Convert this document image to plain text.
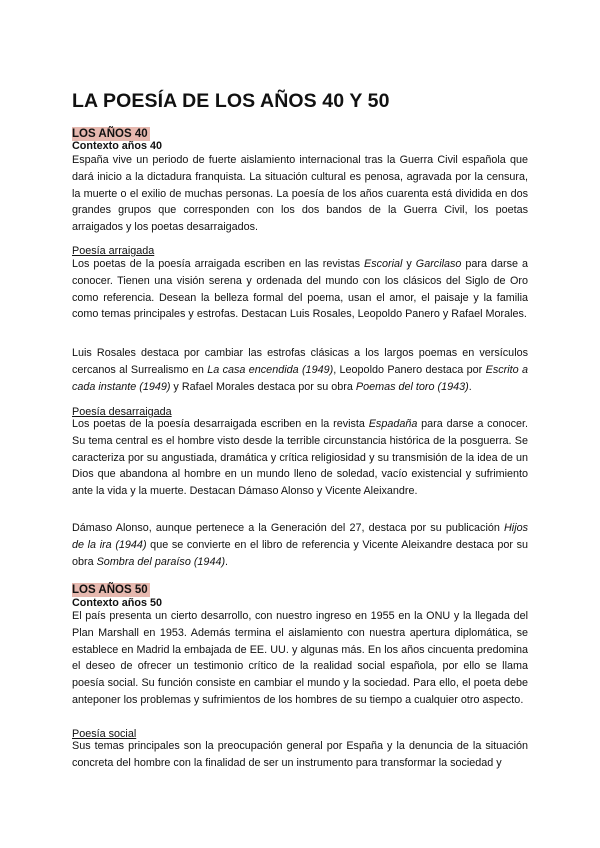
LA POESÍA DE LOS AÑOS 40 Y 50
LOS AÑOS 40
Contexto años 40

España vive un periodo de fuerte aislamiento internacional tras la Guerra Civil española que dará inicio a la dictadura franquista. La situación cultural es penosa, agravada por la censura, la muerte o el exilio de muchas personas. La poesía de los años cuarenta está dividida en dos grandes grupos que corresponden con los dos bandos de la Guerra Civil, los poetas arraigados y los poetas desarraigados.

Poesía arraigada

Los poetas de la poesía arraigada escriben en las revistas Escorial y Garcilaso para darse a conocer. Tienen una visión serena y ordenada del mundo con los clásicos del Siglo de Oro como referencia. Desean la belleza formal del poema, usan el amor, el paisaje y la familia como temas principales y estrofas. Destacan Luis Rosales, Leopoldo Panero y Rafael Morales.

Luis Rosales destaca por cambiar las estrofas clásicas a los largos poemas en versículos cercanos al Surrealismo en La casa encendida (1949), Leopoldo Panero destaca por Escrito a cada instante (1949) y Rafael Morales destaca por su obra Poemas del toro (1943).

Poesía desarraigada

Los poetas de la poesía desarraigada escriben en la revista Espadaña para darse a conocer. Su tema central es el hombre visto desde la terrible circunstancia histórica de la posguerra. Se caracteriza por su angustiada, dramática y crítica religiosidad y su transmisión de la idea de un Dios que abandona al hombre en un mundo lleno de soledad, vacío existencial y sufrimiento ante la vida y la muerte. Destacan Dámaso Alonso y Vicente Aleixandre.

Dámaso Alonso, aunque pertenece a la Generación del 27, destaca por su publicación Hijos de la ira (1944) que se convierte en el libro de referencia y Vicente Aleixandre destaca por su obra Sombra del paraíso (1944).

LOS AÑOS 50
Contexto años 50

El país presenta un cierto desarrollo, con nuestro ingreso en 1955 en la ONU y la llegada del Plan Marshall en 1953. Además termina el aislamiento con nuestra apertura diplomática, se establece en Madrid la embajada de EE. UU. y algunas más. En los años cincuenta predomina el deseo de ofrecer un testimonio crítico de la realidad social española, por ello se llama poesía social. Su función consiste en cambiar el mundo y la sociedad. Para ello, el poeta debe anteponer los problemas y sufrimientos de los hombres de su tiempo a cualquier otro aspecto.

Poesía social

Sus temas principales son la preocupación general por España y la denuncia de la situación concreta del hombre con la finalidad de ser un instrumento para transformar la sociedad y
